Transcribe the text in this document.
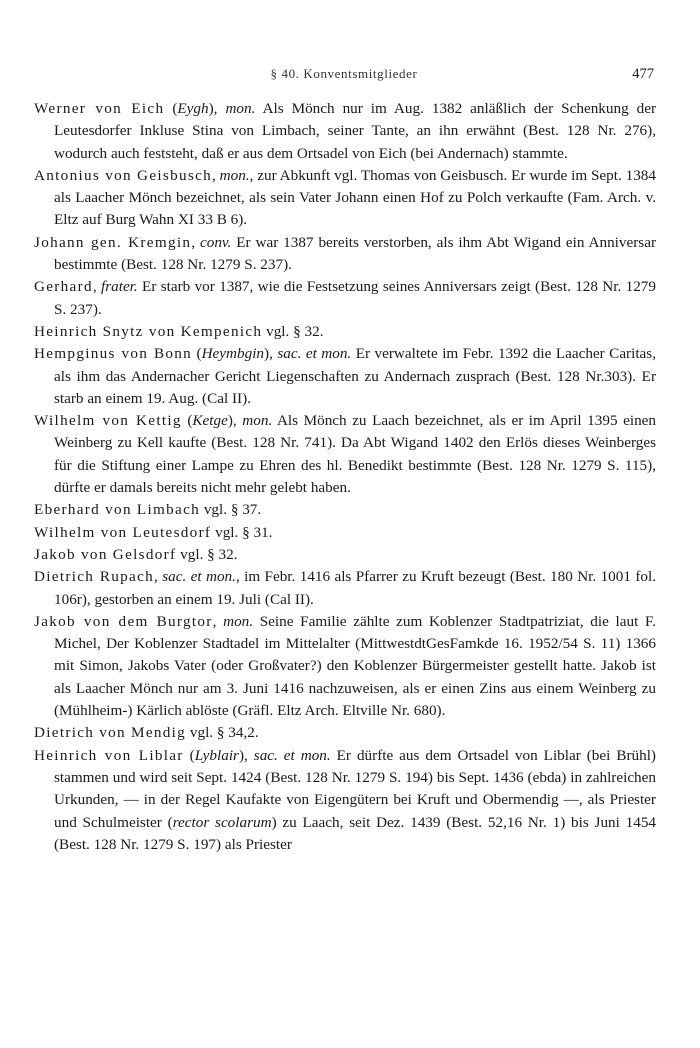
§ 40. Konventsmitglieder	477

Werner von Eich (Eygh), mon. Als Mönch nur im Aug. 1382 anläßlich der Schenkung der Leutesdorfer Inkluse Stina von Limbach, seiner Tante, an ihn erwähnt (Best. 128 Nr. 276), wodurch auch feststeht, daß er aus dem Ortsadel von Eich (bei Andernach) stammte.

Antonius von Geisbusch, mon., zur Abkunft vgl. Thomas von Geisbusch. Er wurde im Sept. 1384 als Laacher Mönch bezeichnet, als sein Vater Johann einen Hof zu Polch verkaufte (Fam. Arch. v. Eltz auf Burg Wahn XI 33 B 6).

Johann gen. Kremgin, conv. Er war 1387 bereits verstorben, als ihm Abt Wigand ein Anniversar bestimmte (Best. 128 Nr. 1279 S. 237).

Gerhard, frater. Er starb vor 1387, wie die Festsetzung seines Anniversars zeigt (Best. 128 Nr. 1279 S. 237).

Heinrich Snytz von Kempenich vgl. § 32.

Hempginus von Bonn (Heymbgin), sac. et mon. Er verwaltete im Febr. 1392 die Laacher Caritas, als ihm das Andernacher Gericht Liegenschaften zu Andernach zusprach (Best. 128 Nr.303). Er starb an einem 19. Aug. (Cal II).

Wilhelm von Kettig (Ketge), mon. Als Mönch zu Laach bezeichnet, als er im April 1395 einen Weinberg zu Kell kaufte (Best. 128 Nr. 741). Da Abt Wigand 1402 den Erlös dieses Weinberges für die Stiftung einer Lampe zu Ehren des hl. Benedikt bestimmte (Best. 128 Nr. 1279 S. 115), dürfte er damals bereits nicht mehr gelebt haben.

Eberhard von Limbach vgl. § 37.

Wilhelm von Leutesdorf vgl. § 31.

Jakob von Gelsdorf vgl. § 32.

Dietrich Rupach, sac. et mon., im Febr. 1416 als Pfarrer zu Kruft bezeugt (Best. 180 Nr. 1001 fol. 106r), gestorben an einem 19. Juli (Cal II).

Jakob von dem Burgtor, mon. Seine Familie zählte zum Koblenzer Stadtpatriziat, die laut F. Michel, Der Koblenzer Stadtadel im Mittelalter (MittwestdtGesFamkde 16. 1952/54 S. 11) 1366 mit Simon, Jakobs Vater (oder Großvater?) den Koblenzer Bürgermeister gestellt hatte. Jakob ist als Laacher Mönch nur am 3. Juni 1416 nachzuweisen, als er einen Zins aus einem Weinberg zu (Mühlheim-) Kärlich ablöste (Gräfl. Eltz Arch. Eltville Nr. 680).

Dietrich von Mendig vgl. § 34,2.

Heinrich von Liblar (Lyblair), sac. et mon. Er dürfte aus dem Ortsadel von Liblar (bei Brühl) stammen und wird seit Sept. 1424 (Best. 128 Nr. 1279 S. 194) bis Sept. 1436 (ebda) in zahlreichen Urkunden, — in der Regel Kaufakte von Eigengütern bei Kruft und Obermendig —, als Priester und Schulmeister (rector scolarum) zu Laach, seit Dez. 1439 (Best. 52,16 Nr. 1) bis Juni 1454 (Best. 128 Nr. 1279 S. 197) als Priester
